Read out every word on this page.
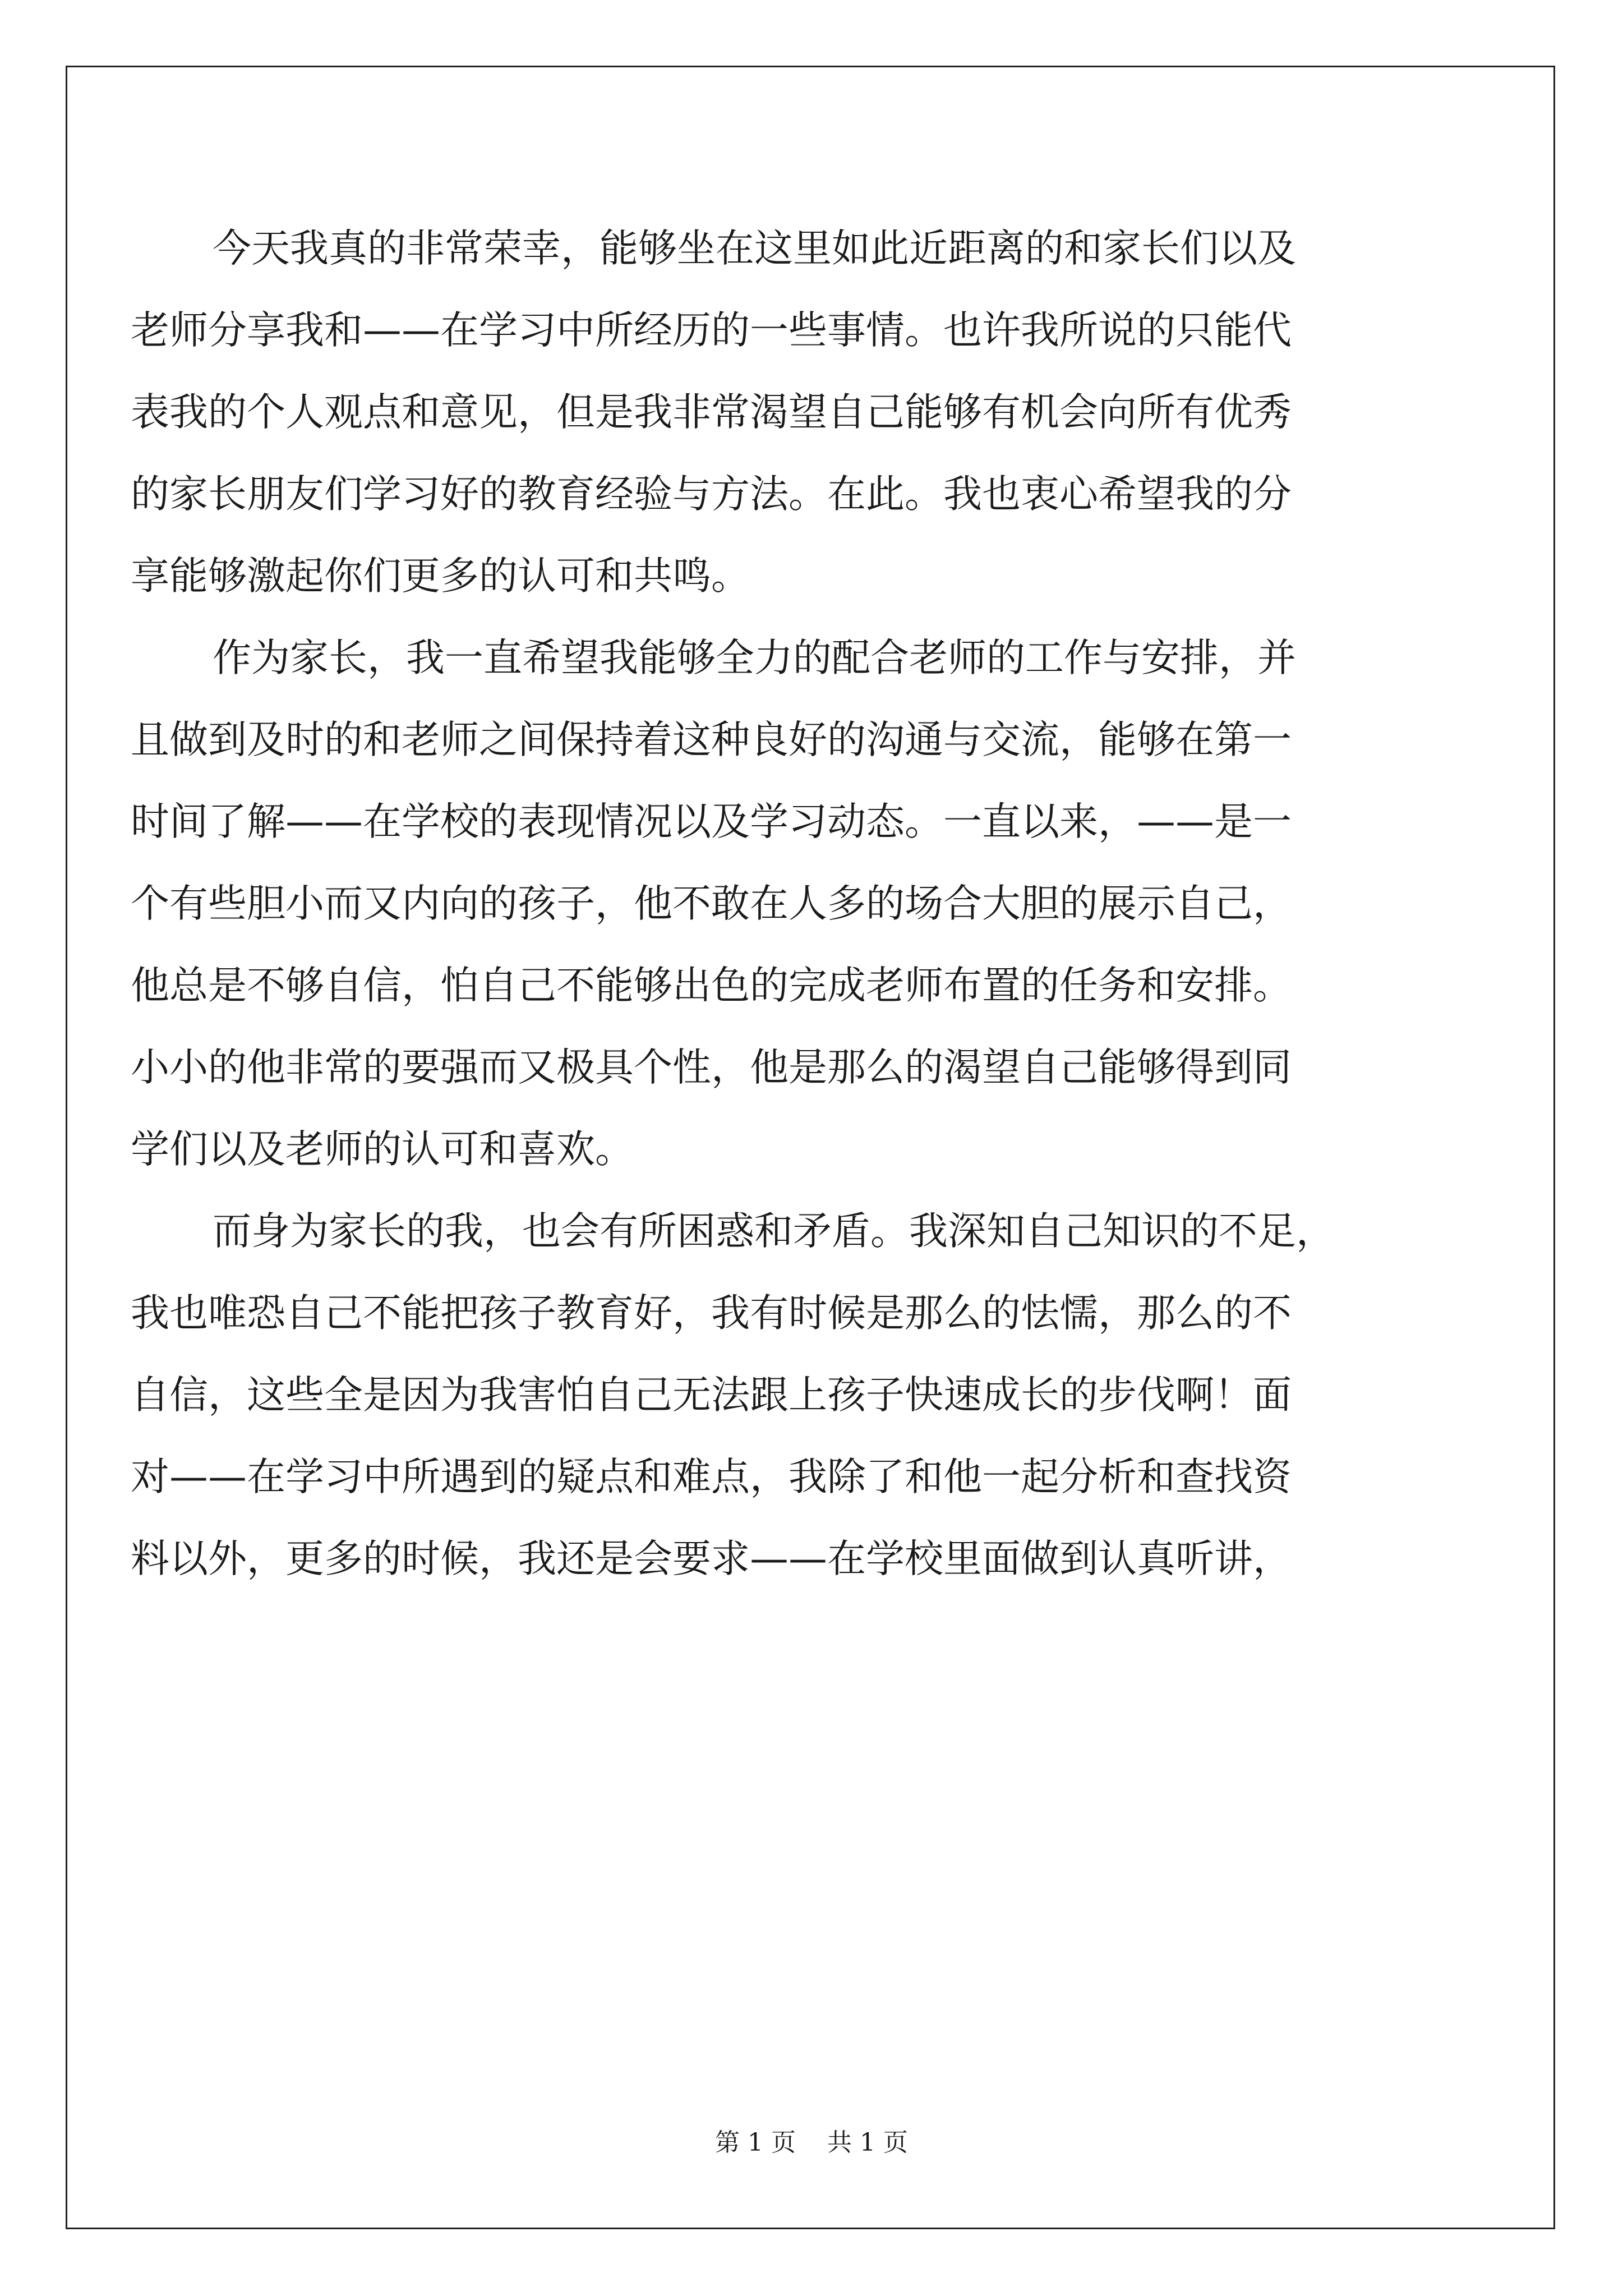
今天我真的非常荣幸，能够坐在这里如此近距离的和家长们以及

老师分享我和——在学习中所经历的一些事情。也许我所说的只能代

表我的个人观点和意见，但是我非常渴望自己能够有机会向所有优秀

的家长朋友们学习好的教育经验与方法。在此。我也衷心希望我的分

享能够激起你们更多的认可和共鸣。

作为家长，我一直希望我能够全力的配合老师的工作与安排，并

且做到及时的和老师之间保持着这种良好的沟通与交流，能够在第一

时间了解——在学校的表现情况以及学习动态。一直以来，——是一

个有些胆小而又内向的孩子，他不敢在人多的场合大胆的展示自己，

他总是不够自信，怕自己不能够出色的完成老师布置的任务和安排。

小小的他非常的要强而又极具个性，他是那么的渴望自己能够得到同

学们以及老师的认可和喜欢。

而身为家长的我，也会有所困惑和矛盾。我深知自己知识的不足，

我也唯恐自己不能把孩子教育好，我有时候是那么的怯懦，那么的不

自信，这些全是因为我害怕自己无法跟上孩子快速成长的步伐啊！面

对——在学习中所遇到的疑点和难点，我除了和他一起分析和查找资

料以外，更多的时候，我还是会要求——在学校里面做到认真听讲，

第 1 页    共 1 页
